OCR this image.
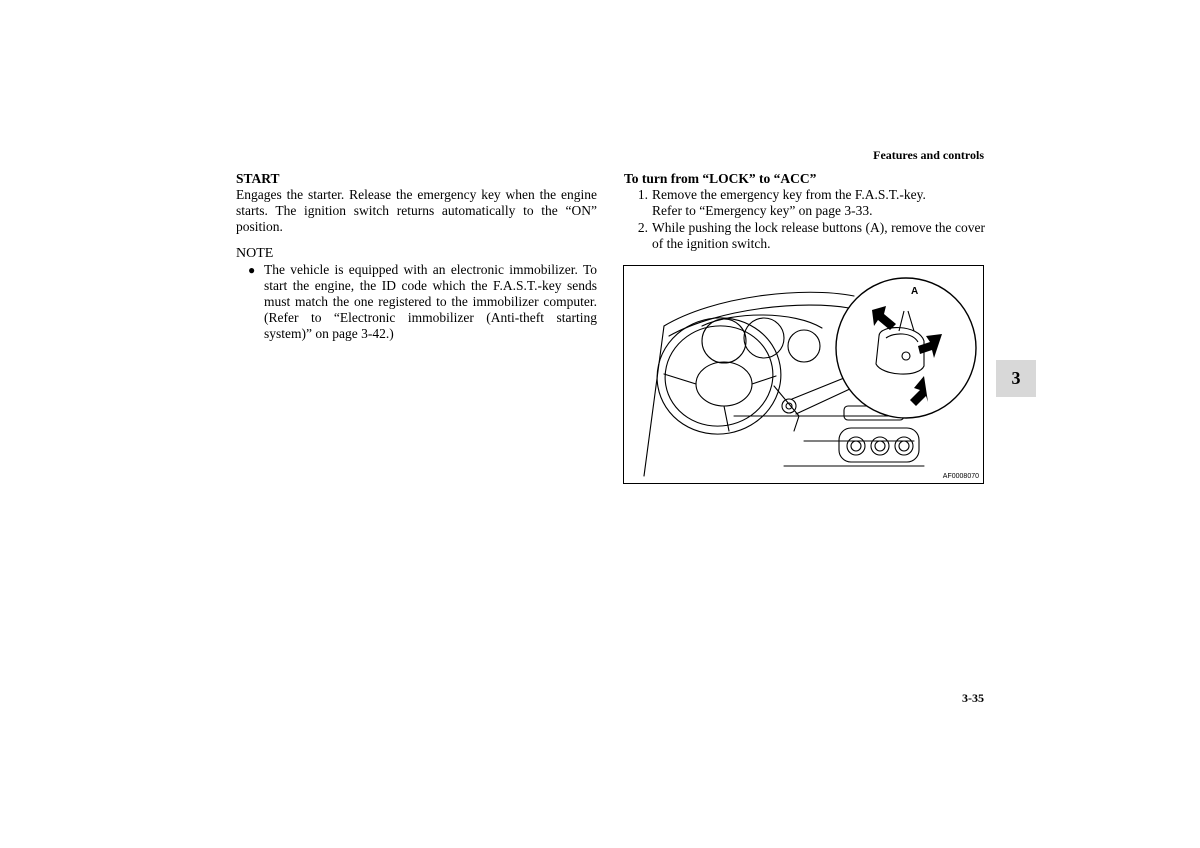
Features and controls

START

Engages the starter. Release the emergency key when the engine starts. The ignition switch returns automatically to the “ON” position.

NOTE

● The vehicle is equipped with an electronic immobilizer. To start the engine, the ID code which the F.A.S.T.-key sends must match the one registered to the immobilizer computer. (Refer to “Electronic immobilizer (Anti-theft starting system)” on page 3-42.)

To turn from “LOCK” to “ACC”

1. Remove the emergency key from the F.A.S.T.-key.
Refer to “Emergency key” on page 3-33.
2. While pushing the lock release buttons (A), remove the cover of the ignition switch.
A
AF0008070
3
3-35
